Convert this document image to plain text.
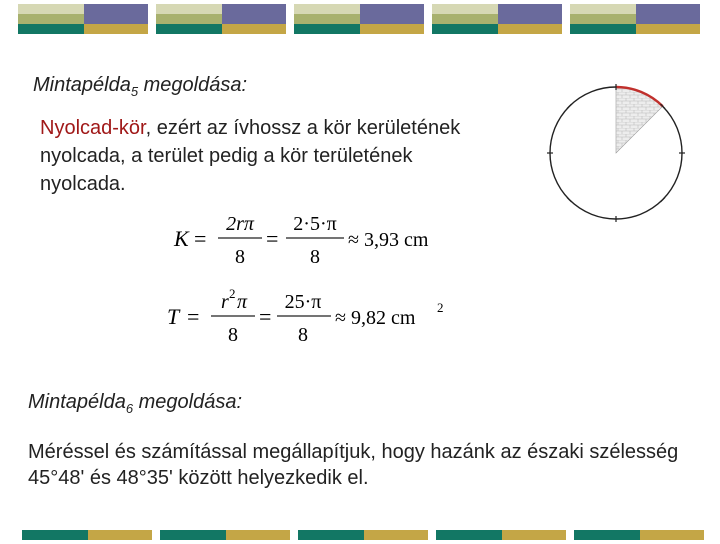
Mintapélda$_5$ megoldása:
Nyolcad-kör, ezért az ívhossz a kör kerületének nyolcada, a terület pedig a kör területének nyolcada.
K =
2rπ
8
=
2·5·π
8
≈ 3,93 cm
T =
r 2 π
8
=
25·π
8
≈ 9,82 cm 2
Mintapélda$_6$ megoldása:
Méréssel és számítással megállapítjuk, hogy hazánk az északi szélesség 45°48' és 48°35' között helyezkedik el.
